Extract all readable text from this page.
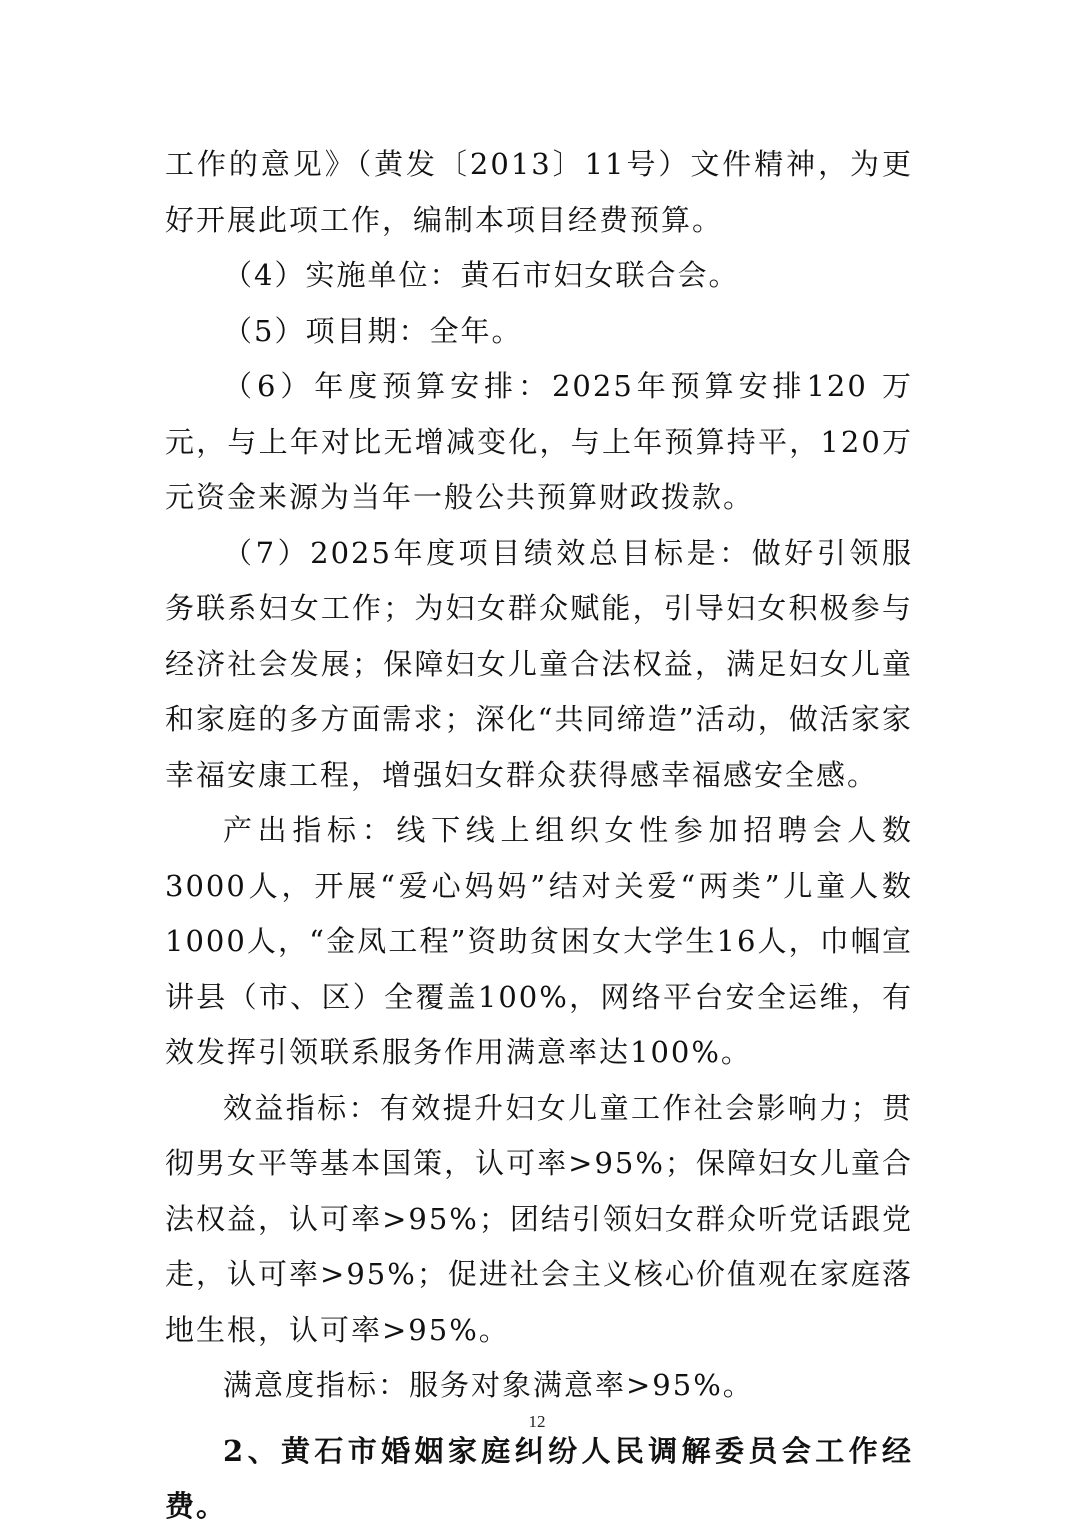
工作的意见》（黄发〔2013〕11号）文件精神，为更好开展此项工作，编制本项目经费预算。

（4）实施单位：黄石市妇女联合会。

（5）项目期：全年。

（6）年度预算安排：2025年预算安排120 万元，与上年对比无增减变化，与上年预算持平，120万元资金来源为当年一般公共预算财政拨款。

（7）2025年度项目绩效总目标是：做好引领服务联系妇女工作；为妇女群众赋能，引导妇女积极参与经济社会发展；保障妇女儿童合法权益，满足妇女儿童和家庭的多方面需求；深化“共同缔造”活动，做活家家幸福安康工程，增强妇女群众获得感幸福感安全感。

产出指标：线下线上组织女性参加招聘会人数3000人，开展“爱心妈妈”结对关爱“两类”儿童人数1000人，“金凤工程”资助贫困女大学生16人，巾帼宣讲县（市、区）全覆盖100%，网络平台安全运维，有效发挥引领联系服务作用满意率达100%。

效益指标：有效提升妇女儿童工作社会影响力；贯彻男女平等基本国策，认可率>95%；保障妇女儿童合法权益，认可率>95%；团结引领妇女群众听党话跟党走，认可率>95%；促进社会主义核心价值观在家庭落地生根，认可率>95%。

满意度指标：服务对象满意率>95%。

2、黄石市婚姻家庭纠纷人民调解委员会工作经费。

12
